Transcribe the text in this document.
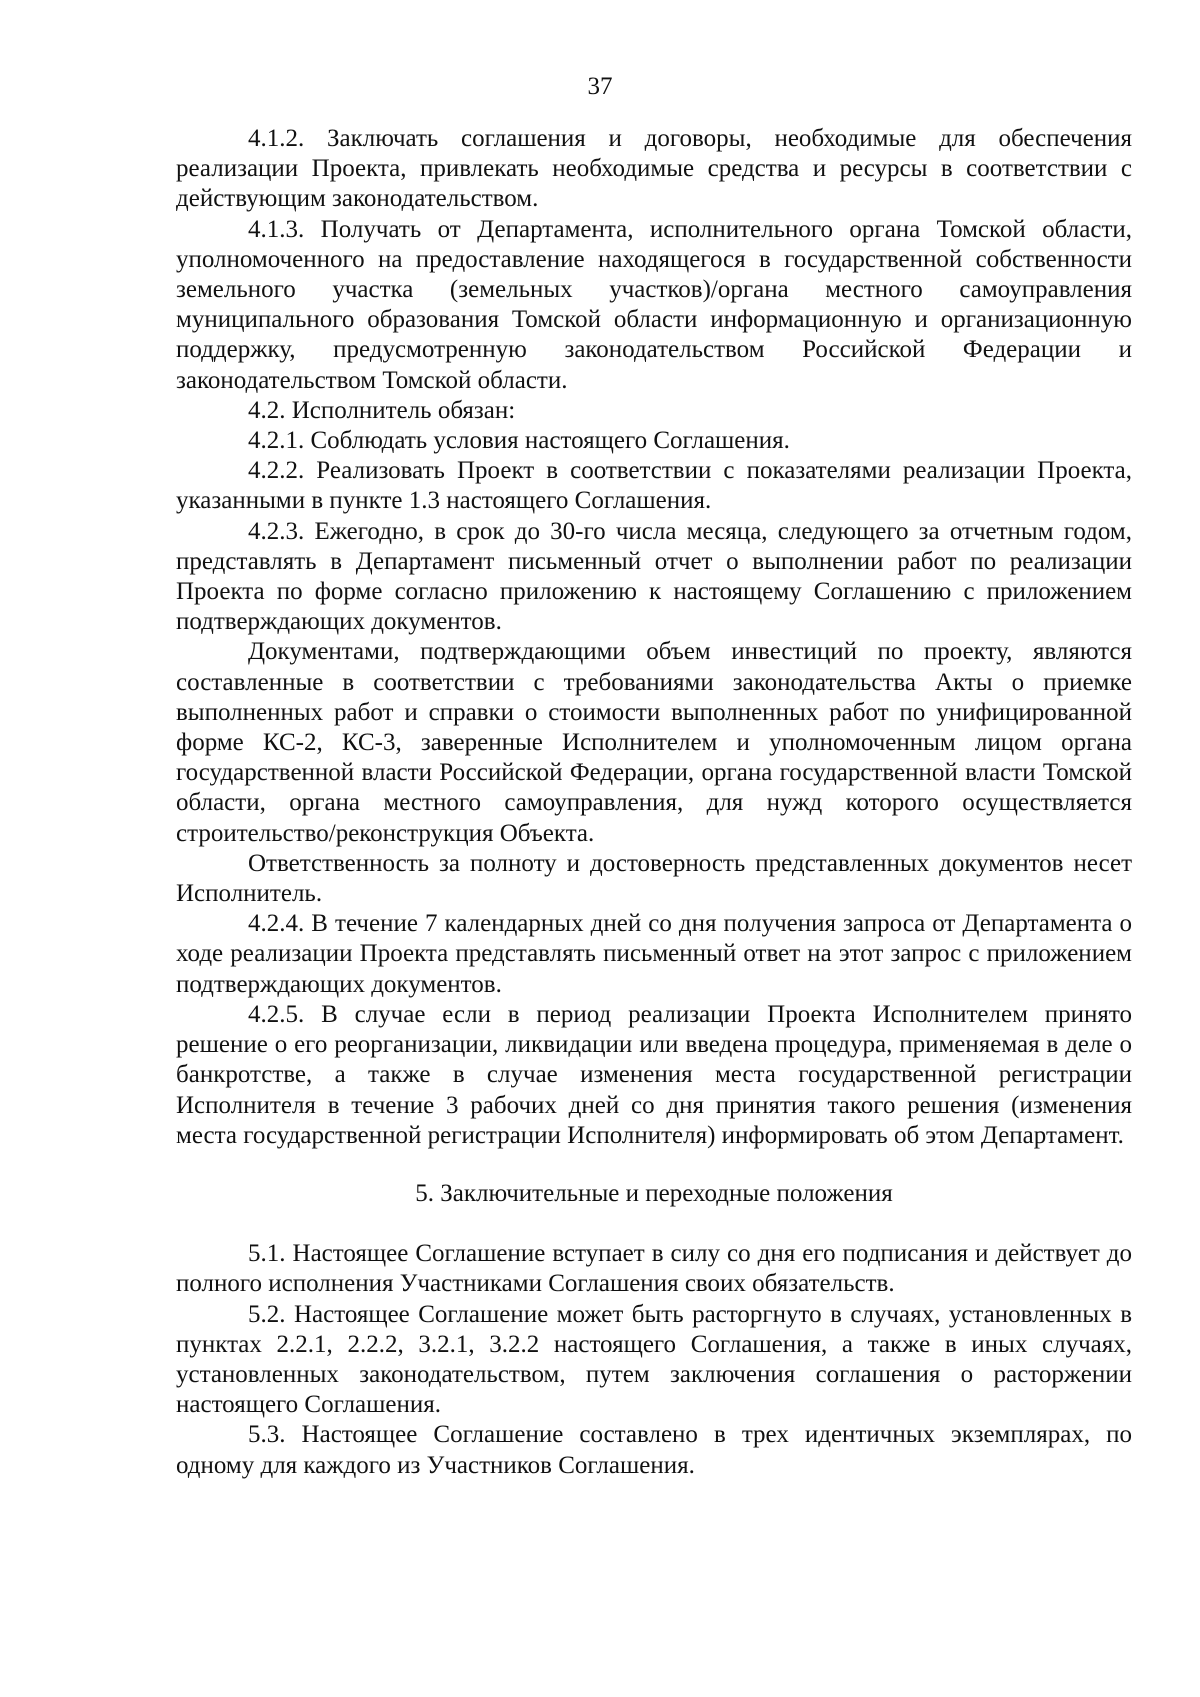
37

4.1.2. Заключать соглашения и договоры, необходимые для обеспечения реализации Проекта, привлекать необходимые средства и ресурсы в соответствии с действующим законодательством.

4.1.3. Получать от Департамента, исполнительного органа Томской области, уполномоченного на предоставление находящегося в государственной собственности земельного участка (земельных участков)/органа местного самоуправления муниципального образования Томской области информационную и организационную поддержку, предусмотренную законодательством Российской Федерации и законодательством Томской области.

4.2. Исполнитель обязан:

4.2.1. Соблюдать условия настоящего Соглашения.

4.2.2. Реализовать Проект в соответствии с показателями реализации Проекта, указанными в пункте 1.3 настоящего Соглашения.

4.2.3. Ежегодно, в срок до 30-го числа месяца, следующего за отчетным годом, представлять в Департамент письменный отчет о выполнении работ по реализации Проекта по форме согласно приложению к настоящему Соглашению с приложением подтверждающих документов.

Документами, подтверждающими объем инвестиций по проекту, являются составленные в соответствии с требованиями законодательства Акты о приемке выполненных работ и справки о стоимости выполненных работ по унифицированной форме КС-2, КС-3, заверенные Исполнителем и уполномоченным лицом органа государственной власти Российской Федерации, органа государственной власти Томской области, органа местного самоуправления, для нужд которого осуществляется строительство/реконструкция Объекта.

Ответственность за полноту и достоверность представленных документов несет Исполнитель.

4.2.4. В течение 7 календарных дней со дня получения запроса от Департамента о ходе реализации Проекта представлять письменный ответ на этот запрос с приложением подтверждающих документов.

4.2.5. В случае если в период реализации Проекта Исполнителем принято решение о его реорганизации, ликвидации или введена процедура, применяемая в деле о банкротстве, а также в случае изменения места государственной регистрации Исполнителя в течение 3 рабочих дней со дня принятия такого решения (изменения места государственной регистрации Исполнителя) информировать об этом Департамент.

5. Заключительные и переходные положения

5.1. Настоящее Соглашение вступает в силу со дня его подписания и действует до полного исполнения Участниками Соглашения своих обязательств.

5.2. Настоящее Соглашение может быть расторгнуто в случаях, установленных в пунктах 2.2.1, 2.2.2, 3.2.1, 3.2.2 настоящего Соглашения, а также в иных случаях, установленных законодательством, путем заключения соглашения о расторжении настоящего Соглашения.

5.3. Настоящее Соглашение составлено в трех идентичных экземплярах, по одному для каждого из Участников Соглашения.
